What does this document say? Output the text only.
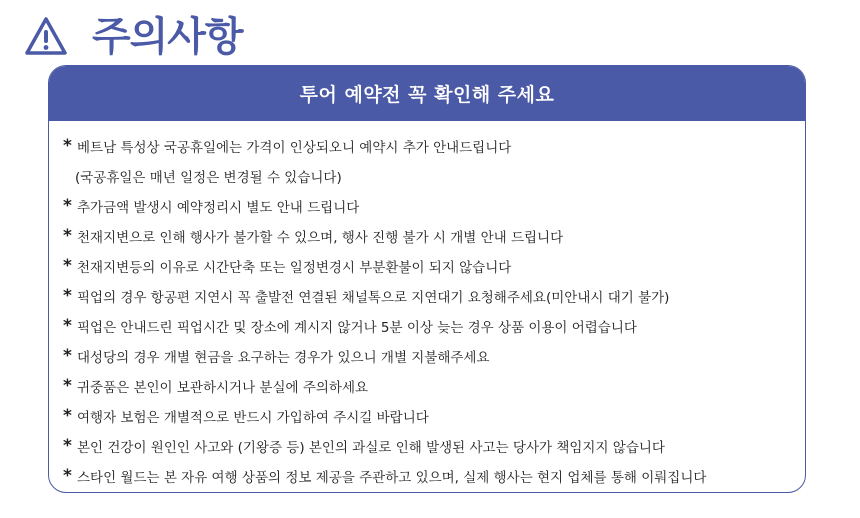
주의사항
투어 예약전 꼭 확인해 주세요
* 베트남 특성상 국공휴일에는 가격이 인상되오니 예약시 추가 안내드립니다
(국공휴일은 매년 일정은 변경될 수 있습니다)
* 추가금액 발생시 예약정리시 별도 안내 드립니다
* 천재지변으로 인해 행사가 불가할 수 있으며, 행사 진행 불가 시 개별 안내 드립니다
* 천재지변등의 이유로 시간단축 또는 일정변경시 부분환불이 되지 않습니다
* 픽업의 경우 항공편 지연시 꼭 출발전 연결된 채널톡으로 지연대기 요청해주세요(미안내시 대기 불가)
* 픽업은 안내드린 픽업시간 및 장소에 계시지 않거나 5분 이상 늦는 경우 상품 이용이 어렵습니다
* 대성당의 경우 개별 현금을 요구하는 경우가 있으니 개별 지불해주세요
* 귀중품은 본인이 보관하시거나 분실에 주의하세요
* 여행자 보험은 개별적으로 반드시 가입하여 주시길 바랍니다
* 본인 건강이 원인인 사고와 (기왕증 등) 본인의 과실로 인해 발생된 사고는 당사가 책임지지 않습니다
* 스타인 월드는 본 자유 여행 상품의 정보 제공을 주관하고 있으며, 실제 행사는 현지 업체를 통해 이뤄집니다
